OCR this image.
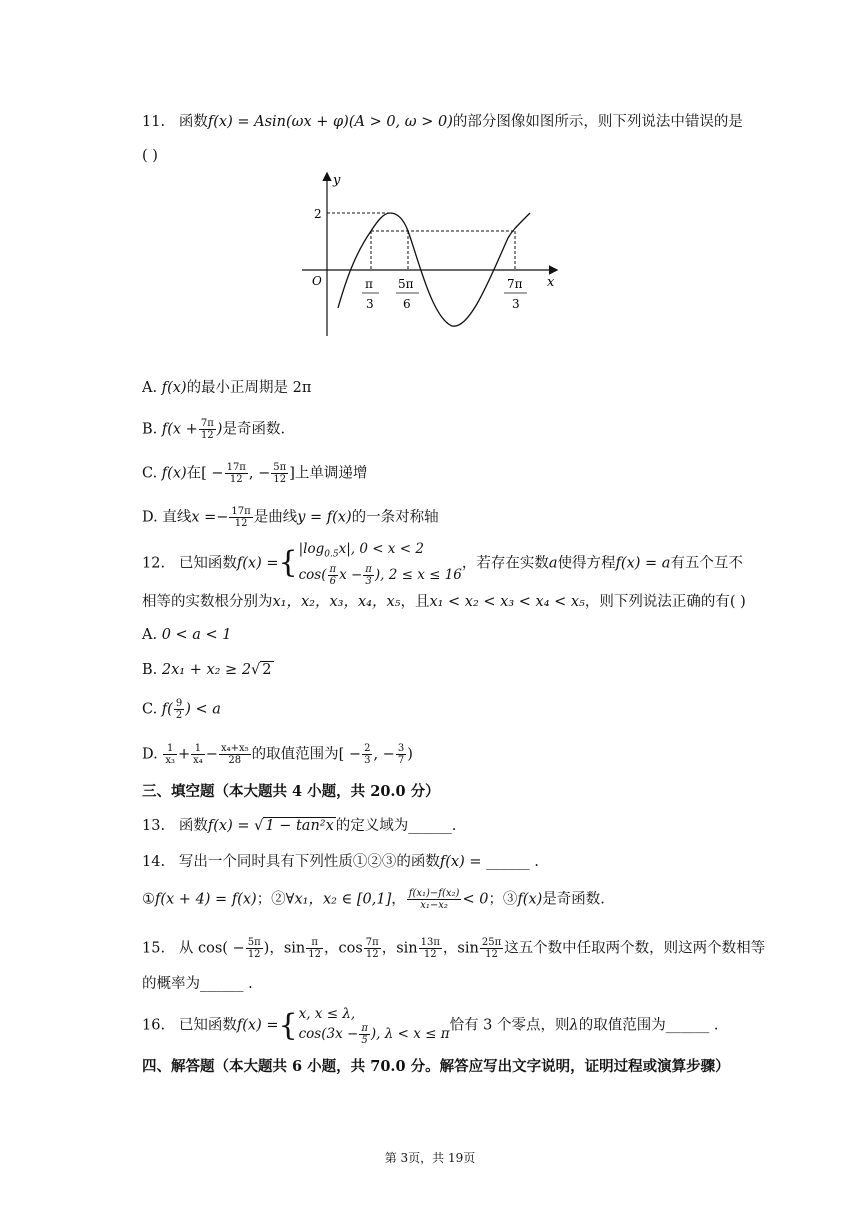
11. 函数f(x) = Asin(ωx + φ)(A > 0, ω > 0)的部分图像如图所示，则下列说法中错误的是
( )
y
x
O
2
π
3
5π
6
7π
3
A. f(x)的最小正周期是 2π
B. $f(x + \frac{7\pi}{12}$ )是奇函数.
C. f(x)在[ − $\frac{17\pi}{12}$ , − $\frac{5\pi}{12}$ ]上单调递增
D. 直线$x =- \frac{17\pi}{12}$ 是曲线y = f(x)的一条对称轴
12. 已知函数$f(x) =\{|\log_{0.5}x|$, 0 < x < 2
$\cos( \frac{\pi}{6}$ $x - \frac{\pi}{3}$ ), 2 ≤ x ≤ 16，若存在实数a使得方程f(x) = a有五个互不
相等的实数根分别为x₁，x₂，x₃，x₄，x₅，且x₁ < x₂ < x₃ < x₄ < x₅，则下列说法正确的有( )
A. 0 < a < 1
B. 2x₁ + x₂ ≥ 2√ 2
C. $f( \frac{9}{2}$ ) < a
D. $\frac{1}{\text{x₃}} + \frac{1}{\text{x₄}} - \frac{\text{x₄+x₅}}{28}$ 的取值范围为[ − $\frac{2}{3}$ , − $\frac{3}{7}$ )
三、填空题（本大题共 4 小题，共 20.0 分）
13. 函数f(x) = √ 1 − tan²x 的定义域为______.
14. 写出一个同时具有下列性质①②③的函数f(x) = ______ .
①f(x + 4) = f(x)；②∀x₁，x₂ ∈ [0,1]， $\frac{\text{f(x₁)−f(x₂)}}{\text{x₁−x₂}} < 0$；③f(x)是奇函数.
15. 从 $\cos( - \frac{5\pi}{12}$ )，$\sin \frac{\pi}{12}$ ，$\cos \frac{7\pi}{12}$ ，$\sin \frac{13\pi}{12}$ ，$\sin \frac{25\pi}{12}$ 这五个数中任取两个数，则这两个数相等
的概率为______ .
16. 已知函数f(x) ={x, x ≤ λ,
$\cos(3x - \frac{\pi}{5}$ ), λ < x ≤ π恰有 3 个零点，则λ的取值范围为______ .
四、解答题（本大题共 6 小题，共 70.0 分。解答应写出文字说明，证明过程或演算步骤）
第 3页，共 19页
